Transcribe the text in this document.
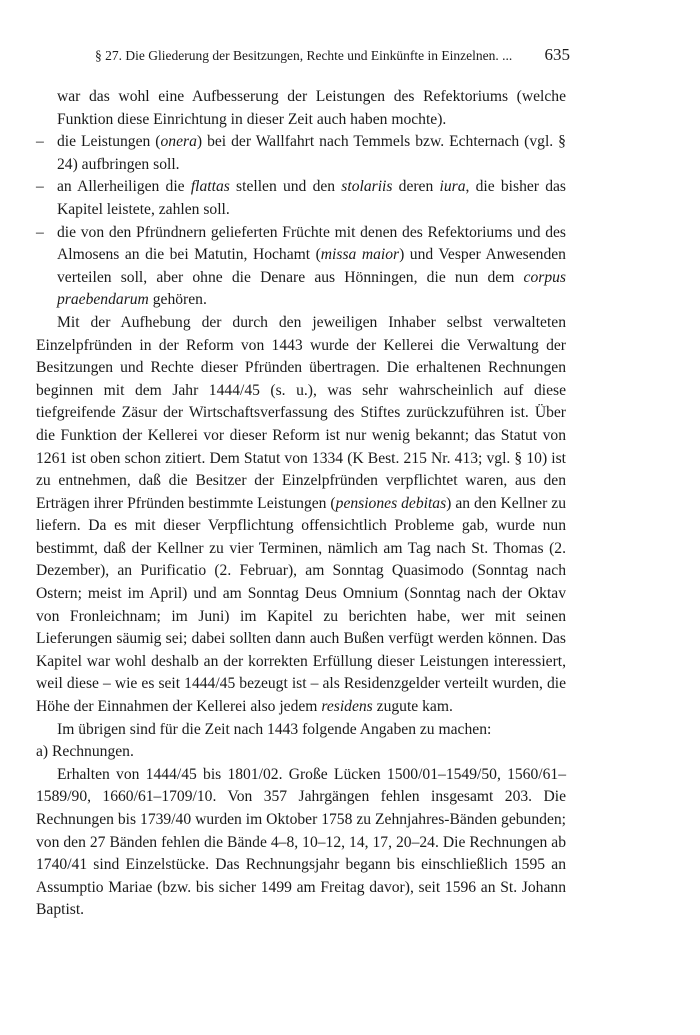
§ 27. Die Gliederung der Besitzungen, Rechte und Einkünfte in Einzelnen. ... 635

war das wohl eine Aufbesserung der Leistungen des Refektoriums (welche Funktion diese Einrichtung in dieser Zeit auch haben mochte).

– die Leistungen (onera) bei der Wallfahrt nach Temmels bzw. Echternach (vgl. § 24) aufbringen soll.

– an Allerheiligen die flattas stellen und den stolariis deren iura, die bisher das Kapitel leistete, zahlen soll.

– die von den Pfründnern gelieferten Früchte mit denen des Refektoriums und des Almosens an die bei Matutin, Hochamt (missa maior) und Vesper Anwesenden verteilen soll, aber ohne die Denare aus Hönningen, die nun dem corpus praebendarum gehören.

Mit der Aufhebung der durch den jeweiligen Inhaber selbst verwalteten Einzelpfründen in der Reform von 1443 wurde der Kellerei die Verwaltung der Besitzungen und Rechte dieser Pfründen übertragen. Die erhaltenen Rechnungen beginnen mit dem Jahr 1444/45 (s. u.), was sehr wahrscheinlich auf diese tiefgreifende Zäsur der Wirtschaftsverfassung des Stiftes zurückzuführen ist. Über die Funktion der Kellerei vor dieser Reform ist nur wenig bekannt; das Statut von 1261 ist oben schon zitiert. Dem Statut von 1334 (K Best. 215 Nr. 413; vgl. § 10) ist zu entnehmen, daß die Besitzer der Einzelpfründen verpflichtet waren, aus den Erträgen ihrer Pfründen bestimmte Leistungen (pensiones debitas) an den Kellner zu liefern. Da es mit dieser Verpflichtung offensichtlich Probleme gab, wurde nun bestimmt, daß der Kellner zu vier Terminen, nämlich am Tag nach St. Thomas (2. Dezember), an Purificatio (2. Februar), am Sonntag Quasimodo (Sonntag nach Ostern; meist im April) und am Sonntag Deus Omnium (Sonntag nach der Oktav von Fronleichnam; im Juni) im Kapitel zu berichten habe, wer mit seinen Lieferungen säumig sei; dabei sollten dann auch Bußen verfügt werden können. Das Kapitel war wohl deshalb an der korrekten Erfüllung dieser Leistungen interessiert, weil diese – wie es seit 1444/45 bezeugt ist – als Residenzgelder verteilt wurden, die Höhe der Einnahmen der Kellerei also jedem residens zugute kam.

Im übrigen sind für die Zeit nach 1443 folgende Angaben zu machen:

a) Rechnungen.

Erhalten von 1444/45 bis 1801/02. Große Lücken 1500/01–1549/50, 1560/61–1589/90, 1660/61–1709/10. Von 357 Jahrgängen fehlen insgesamt 203. Die Rechnungen bis 1739/40 wurden im Oktober 1758 zu Zehnjahres-Bänden gebunden; von den 27 Bänden fehlen die Bände 4–8, 10–12, 14, 17, 20–24. Die Rechnungen ab 1740/41 sind Einzelstücke. Das Rechnungsjahr begann bis einschließlich 1595 an Assumptio Mariae (bzw. bis sicher 1499 am Freitag davor), seit 1596 an St. Johann Baptist.
